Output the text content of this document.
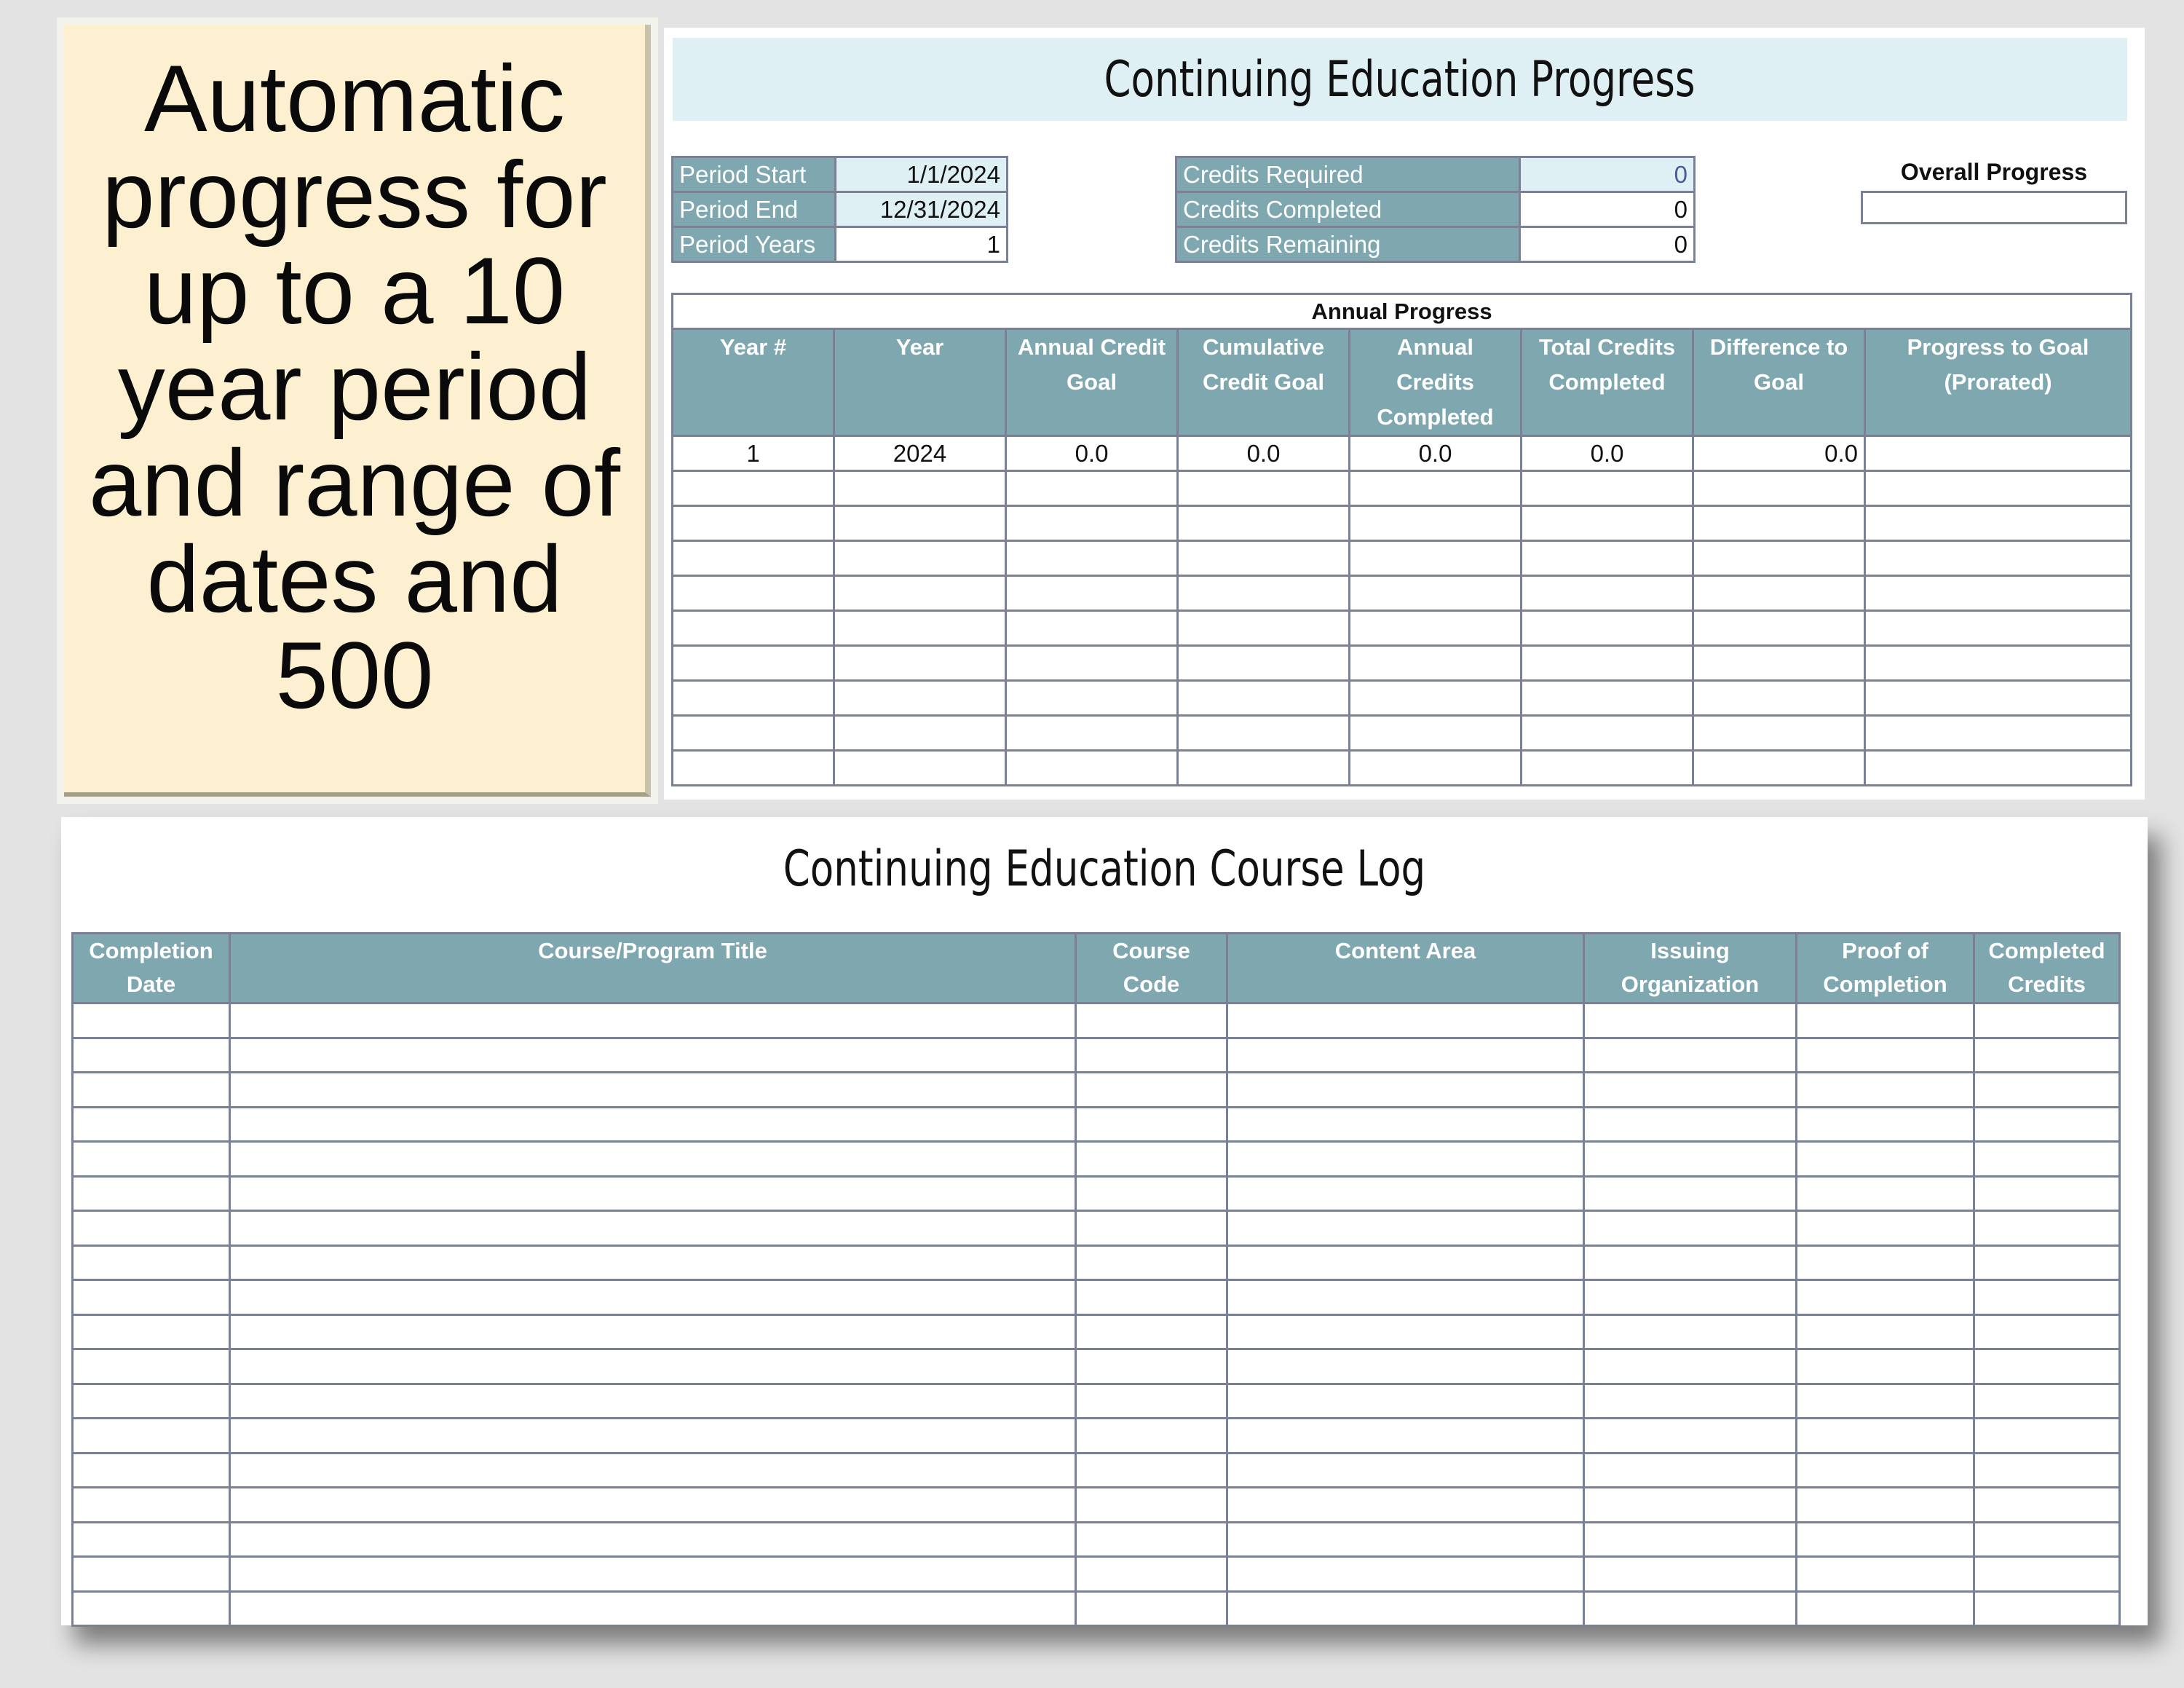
Automatic progress for up to a 10 year period and range of dates and 500
Continuing Education Progress
Period Start	1/1/2024
Period End	12/31/2024
Period Years	1
Credits Required	0
Credits Completed	0
Credits Remaining	0
Overall Progress
Annual Progress							
Year #	Year	Annual Credit Goal	Cumulative Credit Goal	Annual Credits Completed	Total Credits Completed	Difference to Goal	Progress to Goal (Prorated)
1	2024	0.0	0.0	0.0	0.0	0.0	

Continuing Education Course Log
Completion Date	Course/Program Title	Course Code	Content Area	Issuing Organization	Proof of Completion	Completed Credits
